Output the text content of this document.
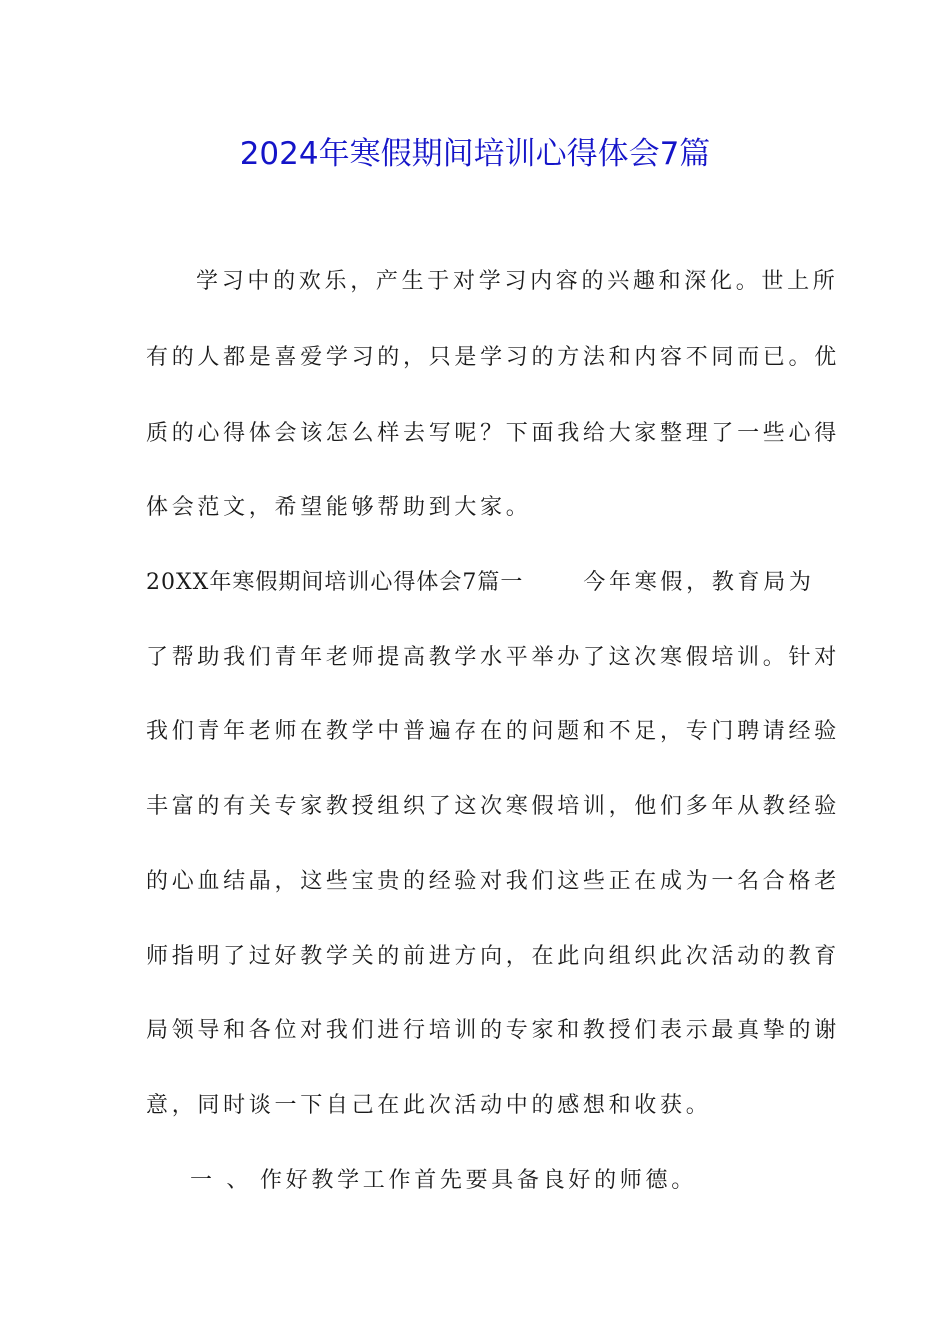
2024年寒假期间培训心得体会7篇
学习中的欢乐，产生于对学习内容的兴趣和深化。世上所
有的人都是喜爱学习的，只是学习的方法和内容不同而已。优
质的心得体会该怎么样去写呢？下面我给大家整理了一些心得
体会范文，希望能够帮助到大家。
20XX年寒假期间培训心得体会7篇一	今年寒假，教育局为
了帮助我们青年老师提高教学水平举办了这次寒假培训。针对
我们青年老师在教学中普遍存在的问题和不足，专门聘请经验
丰富的有关专家教授组织了这次寒假培训，他们多年从教经验
的心血结晶，这些宝贵的经验对我们这些正在成为一名合格老
师指明了过好教学关的前进方向，在此向组织此次活动的教育
局领导和各位对我们进行培训的专家和教授们表示最真挚的谢
意，同时谈一下自己在此次活动中的感想和收获。
一 、 作好教学工作首先要具备良好的师德。
